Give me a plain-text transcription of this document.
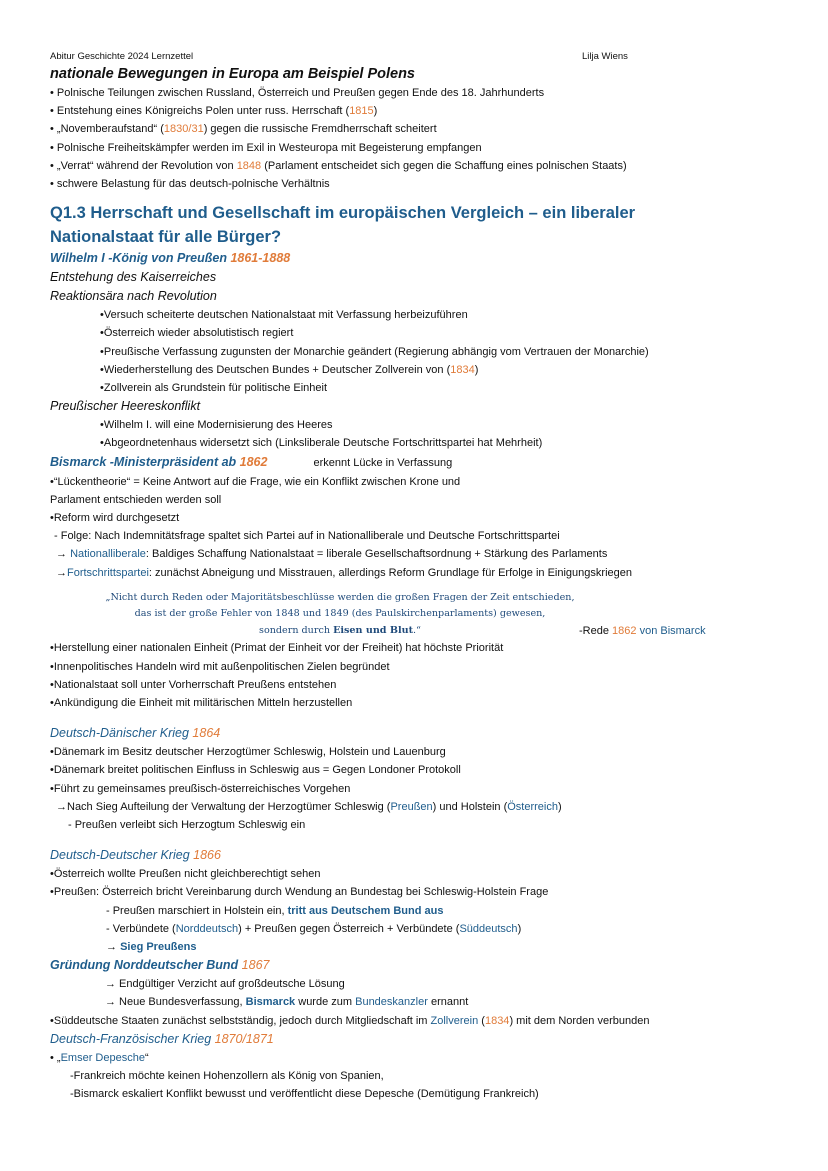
Abitur Geschichte 2024 Lernzettel	Lilja Wiens
nationale Bewegungen in Europa am Beispiel Polens
• Polnische Teilungen zwischen Russland, Österreich und Preußen gegen Ende des 18. Jahrhunderts
• Entstehung eines Königreichs Polen unter russ. Herrschaft (1815)
• „Novemberaufstand“ (1830/31) gegen die russische Fremdherrschaft scheitert
• Polnische Freiheitskämpfer werden im Exil in Westeuropa mit Begeisterung empfangen
• „Verrat“ während der Revolution von 1848 (Parlament entscheidet sich gegen die Schaffung eines polnischen Staats)
• schwere Belastung für das deutsch-polnische Verhältnis
Q1.3 Herrschaft und Gesellschaft im europäischen Vergleich – ein liberaler
Nationalstaat für alle Bürger?
Wilhelm I -König von Preußen 1861-1888
Entstehung des Kaiserreiches
Reaktionsära nach Revolution
•Versuch scheiterte deutschen Nationalstaat mit Verfassung herbeizuführen
•Österreich wieder absolutistisch regiert
•Preußische Verfassung zugunsten der Monarchie geändert (Regierung abhängig vom Vertrauen der Monarchie)
•Wiederherstellung des Deutschen Bundes + Deutscher Zollverein von (1834)
•Zollverein als Grundstein für politische Einheit
Preußischer Heereskonflikt
•Wilhelm I. will eine Modernisierung des Heeres
•Abgeordnetenhaus widersetzt sich (Linksliberale Deutsche Fortschrittspartei hat Mehrheit)
Bismarck -Ministerpräsident ab 1862	erkennt Lücke in Verfassung
•“Lückentheorie“ = Keine Antwort auf die Frage, wie ein Konflikt zwischen Krone und
Parlament entschieden werden soll
•Reform wird durchgesetzt
- Folge: Nach Indemnitätsfrage spaltet sich Partei auf in Nationalliberale und Deutsche Fortschrittspartei
→ Nationalliberale: Baldiges Schaffung Nationalstaat = liberale Gesellschaftsordnung + Stärkung des Parlaments
→Fortschrittspartei: zunächst Abneigung und Misstrauen, allerdings Reform Grundlage für Erfolge in Einigungskriegen
„Nicht durch Reden oder Majoritätsbeschlüsse werden die großen Fragen der Zeit entschieden,
das ist der große Fehler von 1848 und 1849 (des Paulskirchenparlaments) gewesen,
sondern durch Eisen und Blut.“	-Rede 1862 von Bismarck
•Herstellung einer nationalen Einheit (Primat der Einheit vor der Freiheit) hat höchste Priorität
•Innenpolitisches Handeln wird mit außenpolitischen Zielen begründet
•Nationalstaat soll unter Vorherrschaft Preußens entstehen
•Ankündigung die Einheit mit militärischen Mitteln herzustellen
Deutsch-Dänischer Krieg 1864
•Dänemark im Besitz deutscher Herzogtümer Schleswig, Holstein und Lauenburg
•Dänemark breitet politischen Einfluss in Schleswig aus = Gegen Londoner Protokoll
•Führt zu gemeinsames preußisch-österreichisches Vorgehen
→Nach Sieg Aufteilung der Verwaltung der Herzogtümer Schleswig (Preußen) und Holstein (Österreich)
- Preußen verleibt sich Herzogtum Schleswig ein
Deutsch-Deutscher Krieg 1866
•Österreich wollte Preußen nicht gleichberechtigt sehen
•Preußen: Österreich bricht Vereinbarung durch Wendung an Bundestag bei Schleswig-Holstein Frage
- Preußen marschiert in Holstein ein, tritt aus Deutschem Bund aus
- Verbündete (Norddeutsch) + Preußen gegen Österreich + Verbündete (Süddeutsch)
→ Sieg Preußens
Gründung Norddeutscher Bund 1867
→ Endgültiger Verzicht auf großdeutsche Lösung
→ Neue Bundesverfassung, Bismarck wurde zum Bundeskanzler ernannt
•Süddeutsche Staaten zunächst selbstständig, jedoch durch Mitgliedschaft im Zollverein (1834) mit dem Norden verbunden
Deutsch-Französischer Krieg 1870/1871
• „Emser Depesche“
-Frankreich möchte keinen Hohenzollern als König von Spanien,
-Bismarck eskaliert Konflikt bewusst und veröffentlicht diese Depesche (Demütigung Frankreich)
